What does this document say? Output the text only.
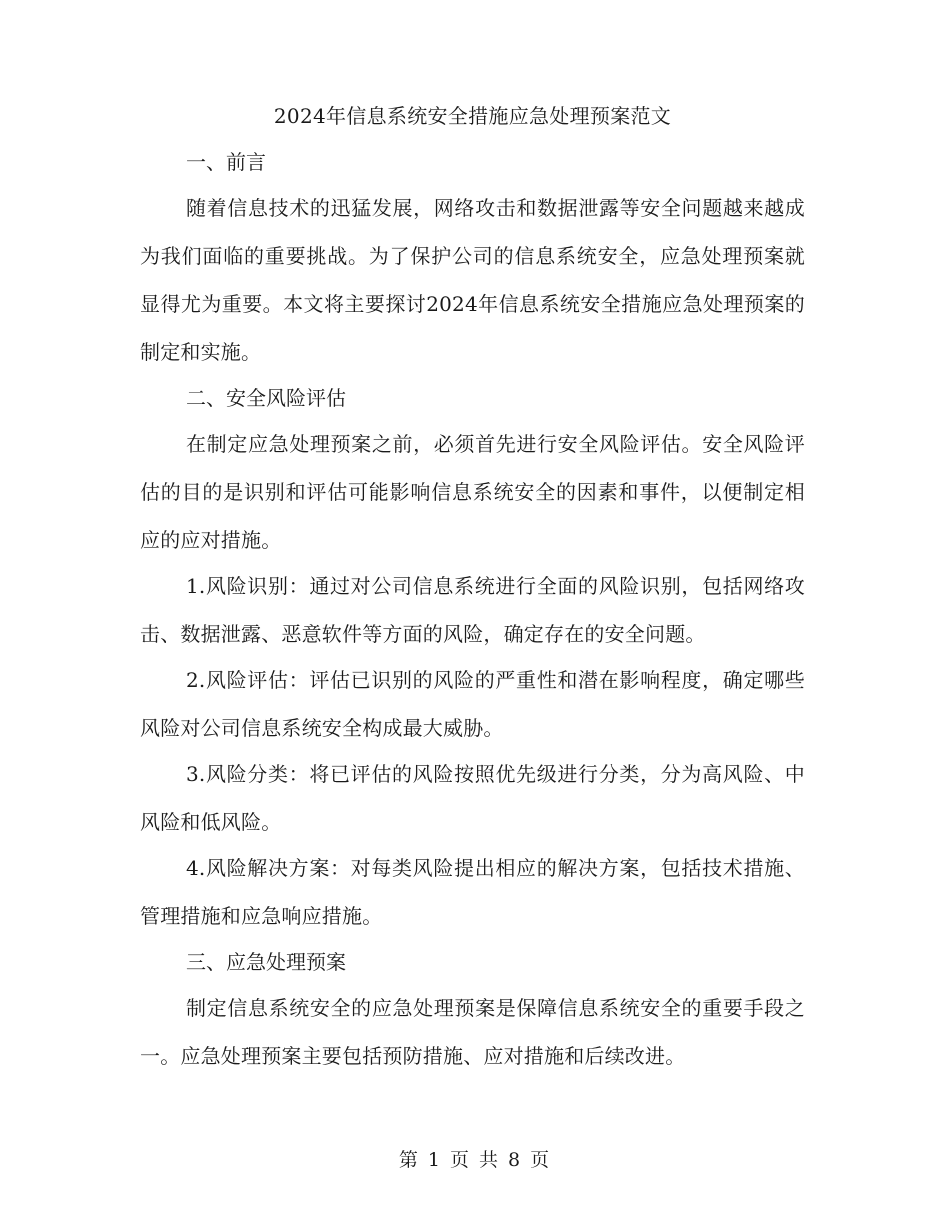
2024年信息系统安全措施应急处理预案范文
一、前言
随着信息技术的迅猛发展，网络攻击和数据泄露等安全问题越来越成为我们面临的重要挑战。为了保护公司的信息系统安全，应急处理预案就显得尤为重要。本文将主要探讨2024年信息系统安全措施应急处理预案的制定和实施。
二、安全风险评估
在制定应急处理预案之前，必须首先进行安全风险评估。安全风险评估的目的是识别和评估可能影响信息系统安全的因素和事件，以便制定相应的应对措施。
1.风险识别：通过对公司信息系统进行全面的风险识别，包括网络攻击、数据泄露、恶意软件等方面的风险，确定存在的安全问题。
2.风险评估：评估已识别的风险的严重性和潜在影响程度，确定哪些风险对公司信息系统安全构成最大威胁。
3.风险分类：将已评估的风险按照优先级进行分类，分为高风险、中风险和低风险。
4.风险解决方案：对每类风险提出相应的解决方案，包括技术措施、管理措施和应急响应措施。
三、应急处理预案
制定信息系统安全的应急处理预案是保障信息系统安全的重要手段之一。应急处理预案主要包括预防措施、应对措施和后续改进。
第 1 页 共 8 页
